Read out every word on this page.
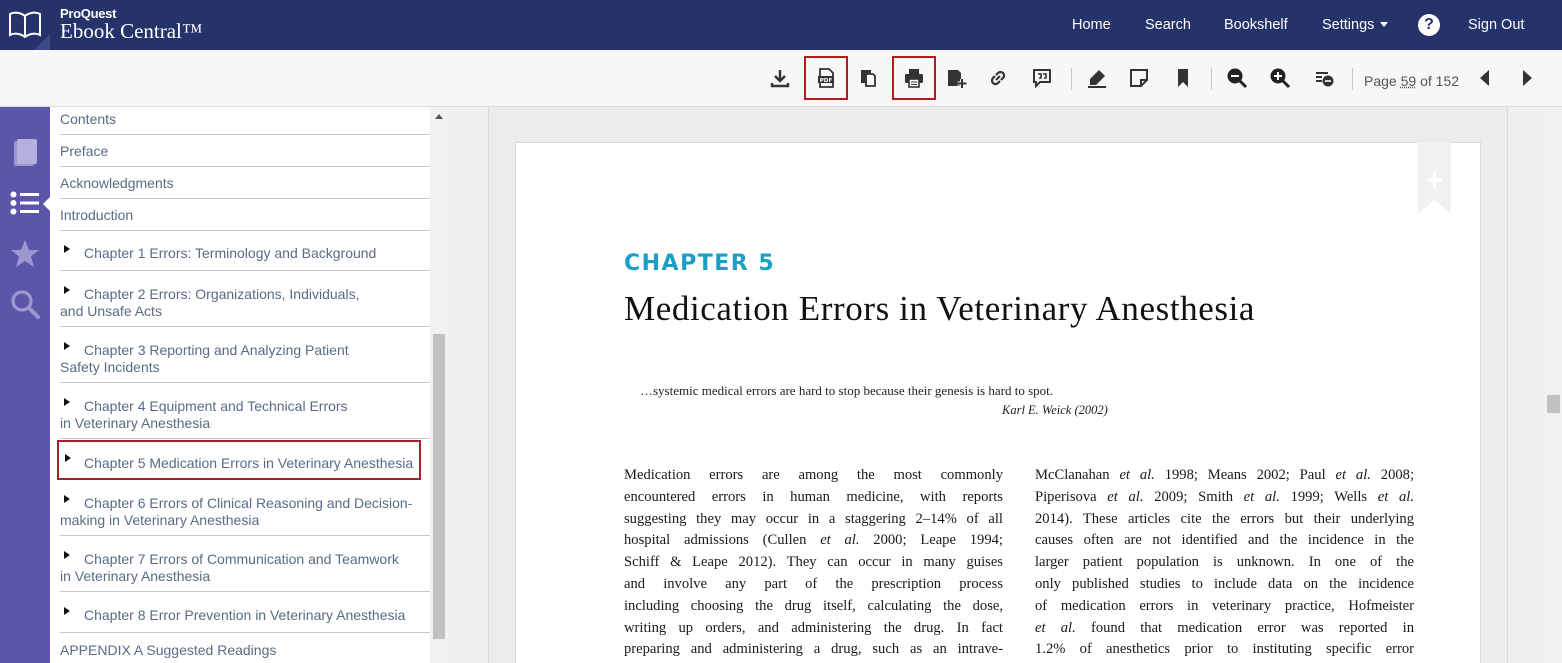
ProQuest
Ebook Central™	Home Search Bookshelf Settings	?	Sign Out
PDF	Page 59 of 152
Contents
Preface
Acknowledgments
Introduction
Chapter 1 Errors: Terminology and Background
Chapter 2 Errors: Organizations, Individuals,
and Unsafe Acts
Chapter 3 Reporting and Analyzing Patient
Safety Incidents
Chapter 4 Equipment and Technical Errors
in Veterinary Anesthesia
Chapter 5 Medication Errors in Veterinary Anesthesia
Chapter 6 Errors of Clinical Reasoning and Decision-
making in Veterinary Anesthesia
Chapter 7 Errors of Communication and Teamwork
in Veterinary Anesthesia
Chapter 8 Error Prevention in Veterinary Anesthesia
APPENDIX A Suggested Readings
CHAPTER 5
Medication Errors in Veterinary Anesthesia
…systemic medical errors are hard to stop because their genesis is hard to spot.
Karl E. Weick (2002)
Medication errors are among the most commonly
encountered errors in human medicine, with reports
suggesting they may occur in a staggering 2–14% of all
hospital admissions (Cullen et al. 2000; Leape 1994;
Schiff & Leape 2012). They can occur in many guises
and involve any part of the prescription process
including choosing the drug itself, calculating the dose,
writing up orders, and administering the drug. In fact
preparing and administering a drug, such as an intrave-
McClanahan et al. 1998; Means 2002; Paul et al. 2008;
Piperisova et al. 2009; Smith et al. 1999; Wells et al.
2014). These articles cite the errors but their underlying
causes often are not identified and the incidence in the
larger patient population is unknown. In one of the
only published studies to include data on the incidence
of medication errors in veterinary practice, Hofmeister
et al. found that medication error was reported in
1.2% of anesthetics prior to instituting specific error
